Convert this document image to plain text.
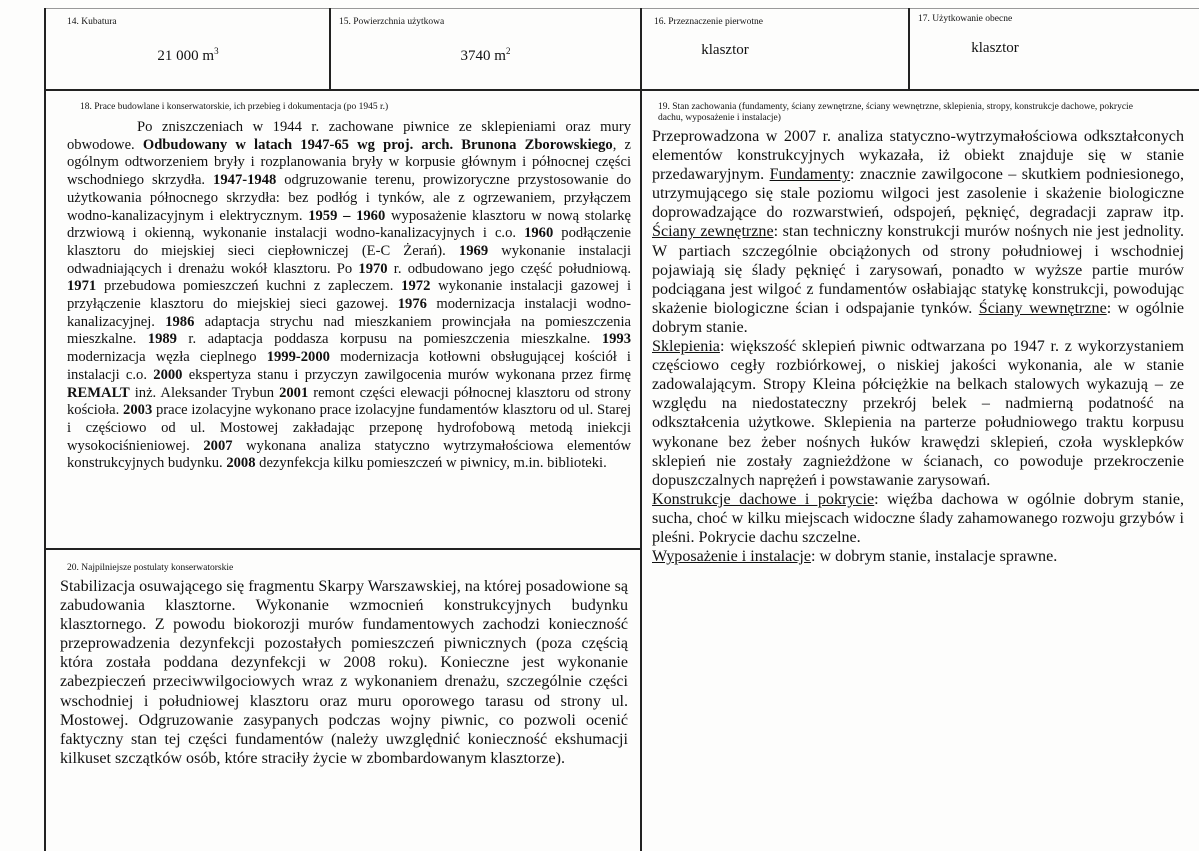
14. Kubatura
21 000 $m^3$
15. Powierzchnia użytkowa
3740 $m^2$
16. Przeznaczenie pierwotne
klasztor
17. Użytkowanie obecne
klasztor
18. Prace budowlane i konserwatorskie, ich przebieg i dokumentacja (po 1945 r.)
Po zniszczeniach w 1944 r. zachowane piwnice ze sklepieniami oraz mury obwodowe. Odbudowany w latach 1947-65 wg proj. arch. Brunona Zborowskiego, z ogólnym odtworzeniem bryły i rozplanowania bryły w korpusie głównym i północnej części wschodniego skrzydła. 1947-1948 odgruzowanie terenu, prowizoryczne przystosowanie do użytkowania północnego skrzydła: bez podłóg i tynków, ale z ogrzewaniem, przyłączem wodno-kanalizacyjnym i elektrycznym. 1959 – 1960 wyposażenie klasztoru w nową stolarkę drzwiową i okienną, wykonanie instalacji wodno-kanalizacyjnych i c.o. 1960 podłączenie klasztoru do miejskiej sieci ciepłowniczej (E-C Żerań). 1969 wykonanie instalacji odwadniających i drenażu wokół klasztoru. Po 1970 r. odbudowano jego część południową. 1971 przebudowa pomieszczeń kuchni z zapleczem. 1972 wykonanie instalacji gazowej i przyłączenie klasztoru do miejskiej sieci gazowej. 1976 modernizacja instalacji wodno-kanalizacyjnej. 1986 adaptacja strychu nad mieszkaniem prowincjała na pomieszczenia mieszkalne. 1989 r. adaptacja poddasza korpusu na pomieszczenia mieszkalne. 1993 modernizacja węzła cieplnego 1999-2000 modernizacja kotłowni obsługującej kościół i instalacji c.o. 2000 ekspertyza stanu i przyczyn zawilgocenia murów wykonana przez firmę REMALT inż. Aleksander Trybun 2001 remont części elewacji północnej klasztoru od strony kościoła. 2003 prace izolacyjne wykonano prace izolacyjne fundamentów klasztoru od ul. Starej i częściowo od ul. Mostowej zakładając przeponę hydrofobową metodą iniekcji wysokociśnieniowej. 2007 wykonana analiza statyczno wytrzymałościowa elementów konstrukcyjnych budynku. 2008 dezynfekcja kilku pomieszczeń w piwnicy, m.in. biblioteki.
19. Stan zachowania (fundamenty, ściany zewnętrzne, ściany wewnętrzne, sklepienia, stropy, konstrukcje dachowe, pokrycie dachu, wyposażenie i instalacje)
Przeprowadzona w 2007 r. analiza statyczno-wytrzymałościowa odkształconych elementów konstrukcyjnych wykazała, iż obiekt znajduje się w stanie przedawaryjnym. Fundamenty: znacznie zawilgocone – skutkiem podniesionego, utrzymującego się stale poziomu wilgoci jest zasolenie i skażenie biologiczne doprowadzające do rozwarstwień, odspojeń, pęknięć, degradacji zapraw itp. Ściany zewnętrzne: stan techniczny konstrukcji murów nośnych nie jest jednolity. W partiach szczególnie obciążonych od strony południowej i wschodniej pojawiają się ślady pęknięć i zarysowań, ponadto w wyższe partie murów podciągana jest wilgoć z fundamentów osłabiając statykę konstrukcji, powodując skażenie biologiczne ścian i odspajanie tynków. Ściany wewnętrzne: w ogólnie dobrym stanie.
Sklepienia: większość sklepień piwnic odtwarzana po 1947 r. z wykorzystaniem częściowo cegły rozbiórkowej, o niskiej jakości wykonania, ale w stanie zadowalającym. Stropy Kleina półciężkie na belkach stalowych wykazują – ze względu na niedostateczny przekrój belek – nadmierną podatność na odkształcenia użytkowe. Sklepienia na parterze południowego traktu korpusu wykonane bez żeber nośnych łuków krawędzi sklepień, czoła wysklepków sklepień nie zostały zagnieżdżone w ścianach, co powoduje przekroczenie dopuszczalnych naprężeń i powstawanie zarysowań.
Konstrukcje dachowe i pokrycie: więźba dachowa w ogólnie dobrym stanie, sucha, choć w kilku miejscach widoczne ślady zahamowanego rozwoju grzybów i pleśni. Pokrycie dachu szczelne.
Wyposażenie i instalacje: w dobrym stanie, instalacje sprawne.
20. Najpilniejsze postulaty konserwatorskie
Stabilizacja osuwającego się fragmentu Skarpy Warszawskiej, na której posadowione są zabudowania klasztorne. Wykonanie wzmocnień konstrukcyjnych budynku klasztornego. Z powodu biokorozji murów fundamentowych zachodzi konieczność przeprowadzenia dezynfekcji pozostałych pomieszczeń piwnicznych (poza częścią która została poddana dezynfekcji w 2008 roku). Konieczne jest wykonanie zabezpieczeń przeciwwilgociowych wraz z wykonaniem drenażu, szczególnie części wschodniej i południowej klasztoru oraz muru oporowego tarasu od strony ul. Mostowej. Odgruzowanie zasypanych podczas wojny piwnic, co pozwoli ocenić faktyczny stan tej części fundamentów (należy uwzględnić konieczność ekshumacji kilkuset szczątków osób, które straciły życie w zbombardowanym klasztorze).
